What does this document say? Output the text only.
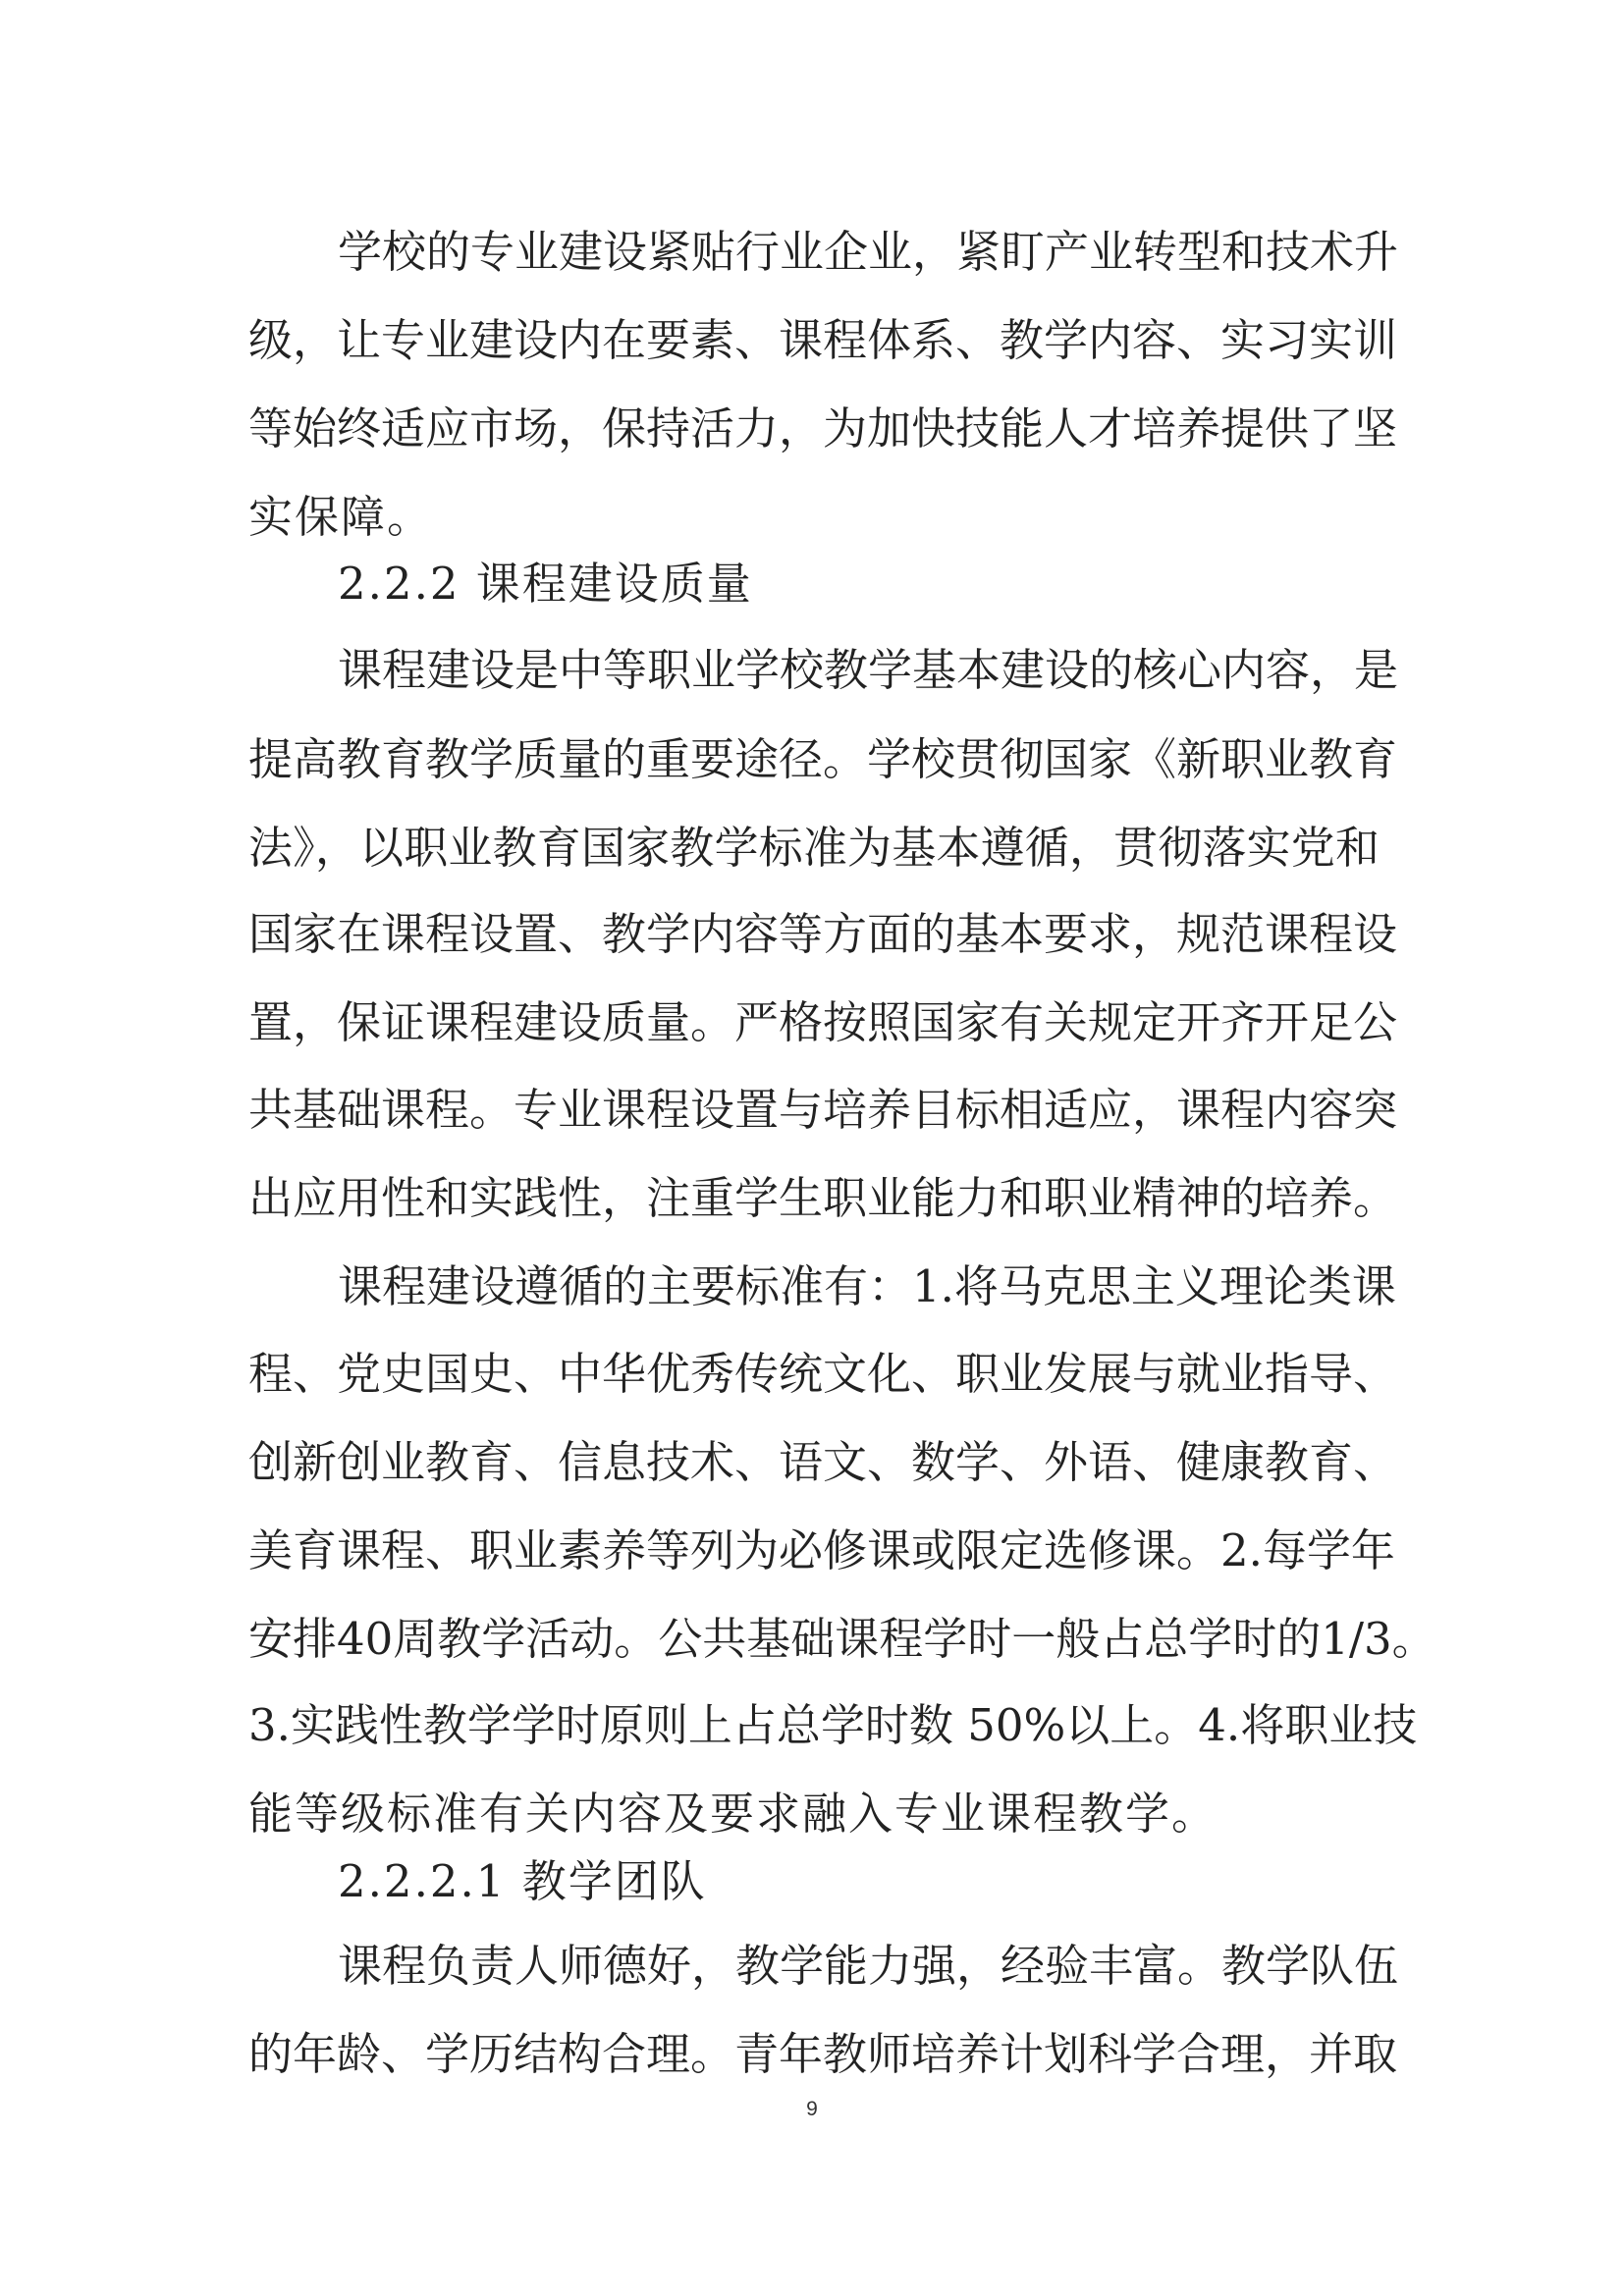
学校的专业建设紧贴行业企业，紧盯产业转型和技术升
级，让专业建设内在要素、课程体系、教学内容、实习实训
等始终适应市场，保持活力，为加快技能人才培养提供了坚
实保障。
2.2.2 课程建设质量
课程建设是中等职业学校教学基本建设的核心内容，是
提高教育教学质量的重要途径。学校贯彻国家《新职业教育
法》，以职业教育国家教学标准为基本遵循，贯彻落实党和
国家在课程设置、教学内容等方面的基本要求，规范课程设
置，保证课程建设质量。严格按照国家有关规定开齐开足公
共基础课程。专业课程设置与培养目标相适应，课程内容突
出应用性和实践性，注重学生职业能力和职业精神的培养。
课程建设遵循的主要标准有：1.将马克思主义理论类课
程、党史国史、中华优秀传统文化、职业发展与就业指导、
创新创业教育、信息技术、语文、数学、外语、健康教育、
美育课程、职业素养等列为必修课或限定选修课。2.每学年
安排40周教学活动。公共基础课程学时一般占总学时的1/3。
3.实践性教学学时原则上占总学时数 50%以上。4.将职业技
能等级标准有关内容及要求融入专业课程教学。
2.2.2.1 教学团队
课程负责人师德好，教学能力强，经验丰富。教学队伍
的年龄、学历结构合理。青年教师培养计划科学合理，并取
9
